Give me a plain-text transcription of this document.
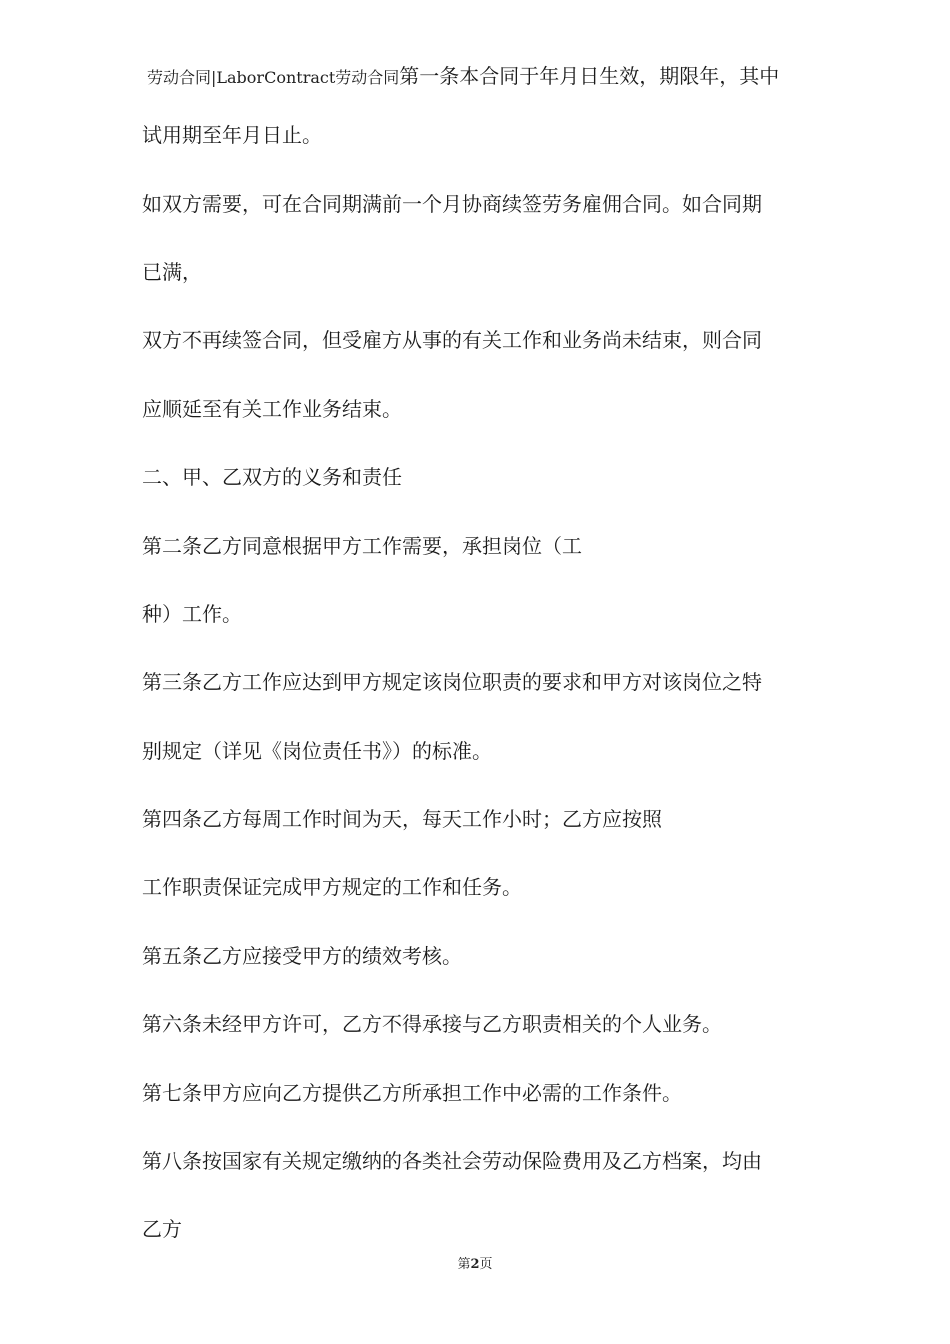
劳动合同|LaborContract劳动合同第一条本合同于年月日生效，期限年，其中
试用期至年月日止。
如双方需要，可在合同期满前一个月协商续签劳务雇佣合同。如合同期
已满，
双方不再续签合同，但受雇方从事的有关工作和业务尚未结束，则合同
应顺延至有关工作业务结束。
二、甲、乙双方的义务和责任
第二条乙方同意根据甲方工作需要，承担岗位（工
种）工作。
第三条乙方工作应达到甲方规定该岗位职责的要求和甲方对该岗位之特
别规定（详见《岗位责任书》）的标准。
第四条乙方每周工作时间为天，每天工作小时；乙方应按照
工作职责保证完成甲方规定的工作和任务。
第五条乙方应接受甲方的绩效考核。
第六条未经甲方许可，乙方不得承接与乙方职责相关的个人业务。
第七条甲方应向乙方提供乙方所承担工作中必需的工作条件。
第八条按国家有关规定缴纳的各类社会劳动保险费用及乙方档案，均由
乙方
第2页
